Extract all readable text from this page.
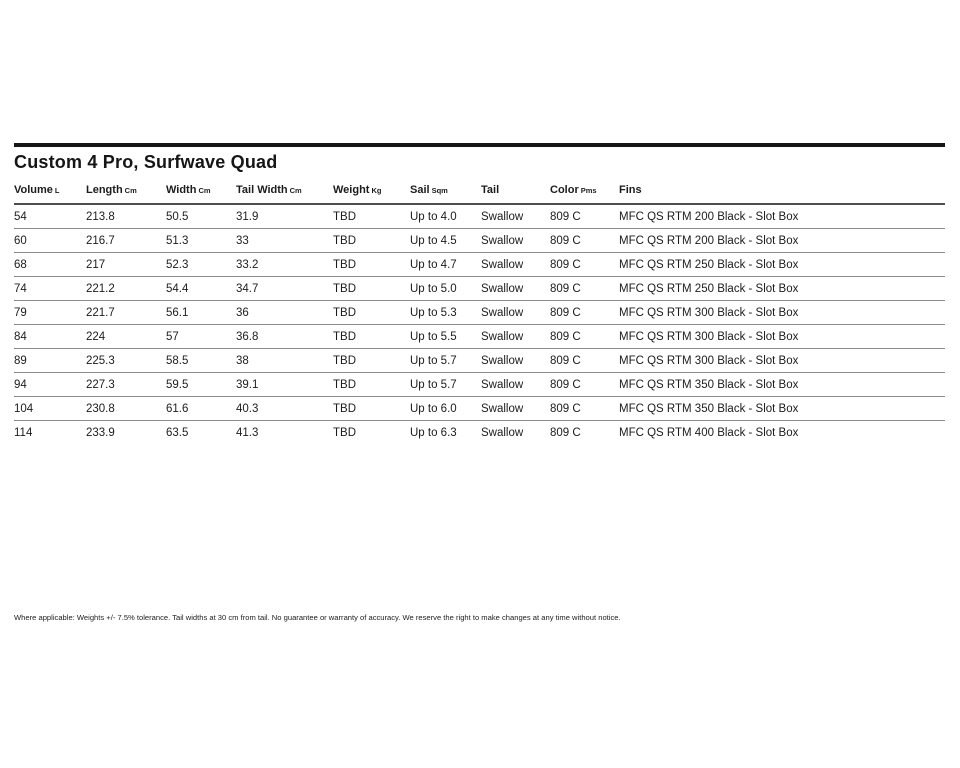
Custom 4 Pro, Surfwave Quad
Volume L	Length Cm	Width Cm	Tail Width Cm	Weight Kg	Sail Sqm	Tail	Color Pms	Fins
54	213.8	50.5	31.9	TBD	Up to 4.0	Swallow	809 C	MFC QS RTM 200 Black - Slot Box
60	216.7	51.3	33	TBD	Up to 4.5	Swallow	809 C	MFC QS RTM 200 Black - Slot Box
68	217	52.3	33.2	TBD	Up to 4.7	Swallow	809 C	MFC QS RTM 250 Black - Slot Box
74	221.2	54.4	34.7	TBD	Up to 5.0	Swallow	809 C	MFC QS RTM 250 Black - Slot Box
79	221.7	56.1	36	TBD	Up to 5.3	Swallow	809 C	MFC QS RTM 300 Black - Slot Box
84	224	57	36.8	TBD	Up to 5.5	Swallow	809 C	MFC QS RTM 300 Black - Slot Box
89	225.3	58.5	38	TBD	Up to 5.7	Swallow	809 C	MFC QS RTM 300 Black - Slot Box
94	227.3	59.5	39.1	TBD	Up to 5.7	Swallow	809 C	MFC QS RTM 350 Black - Slot Box
104	230.8	61.6	40.3	TBD	Up to 6.0	Swallow	809 C	MFC QS RTM 350 Black - Slot Box
114	233.9	63.5	41.3	TBD	Up to 6.3	Swallow	809 C	MFC QS RTM 400 Black - Slot Box

Where applicable: Weights +/- 7.5% tolerance. Tail widths at 30 cm from tail. No guarantee or warranty of accuracy. We reserve the right to make changes at any time without notice.
